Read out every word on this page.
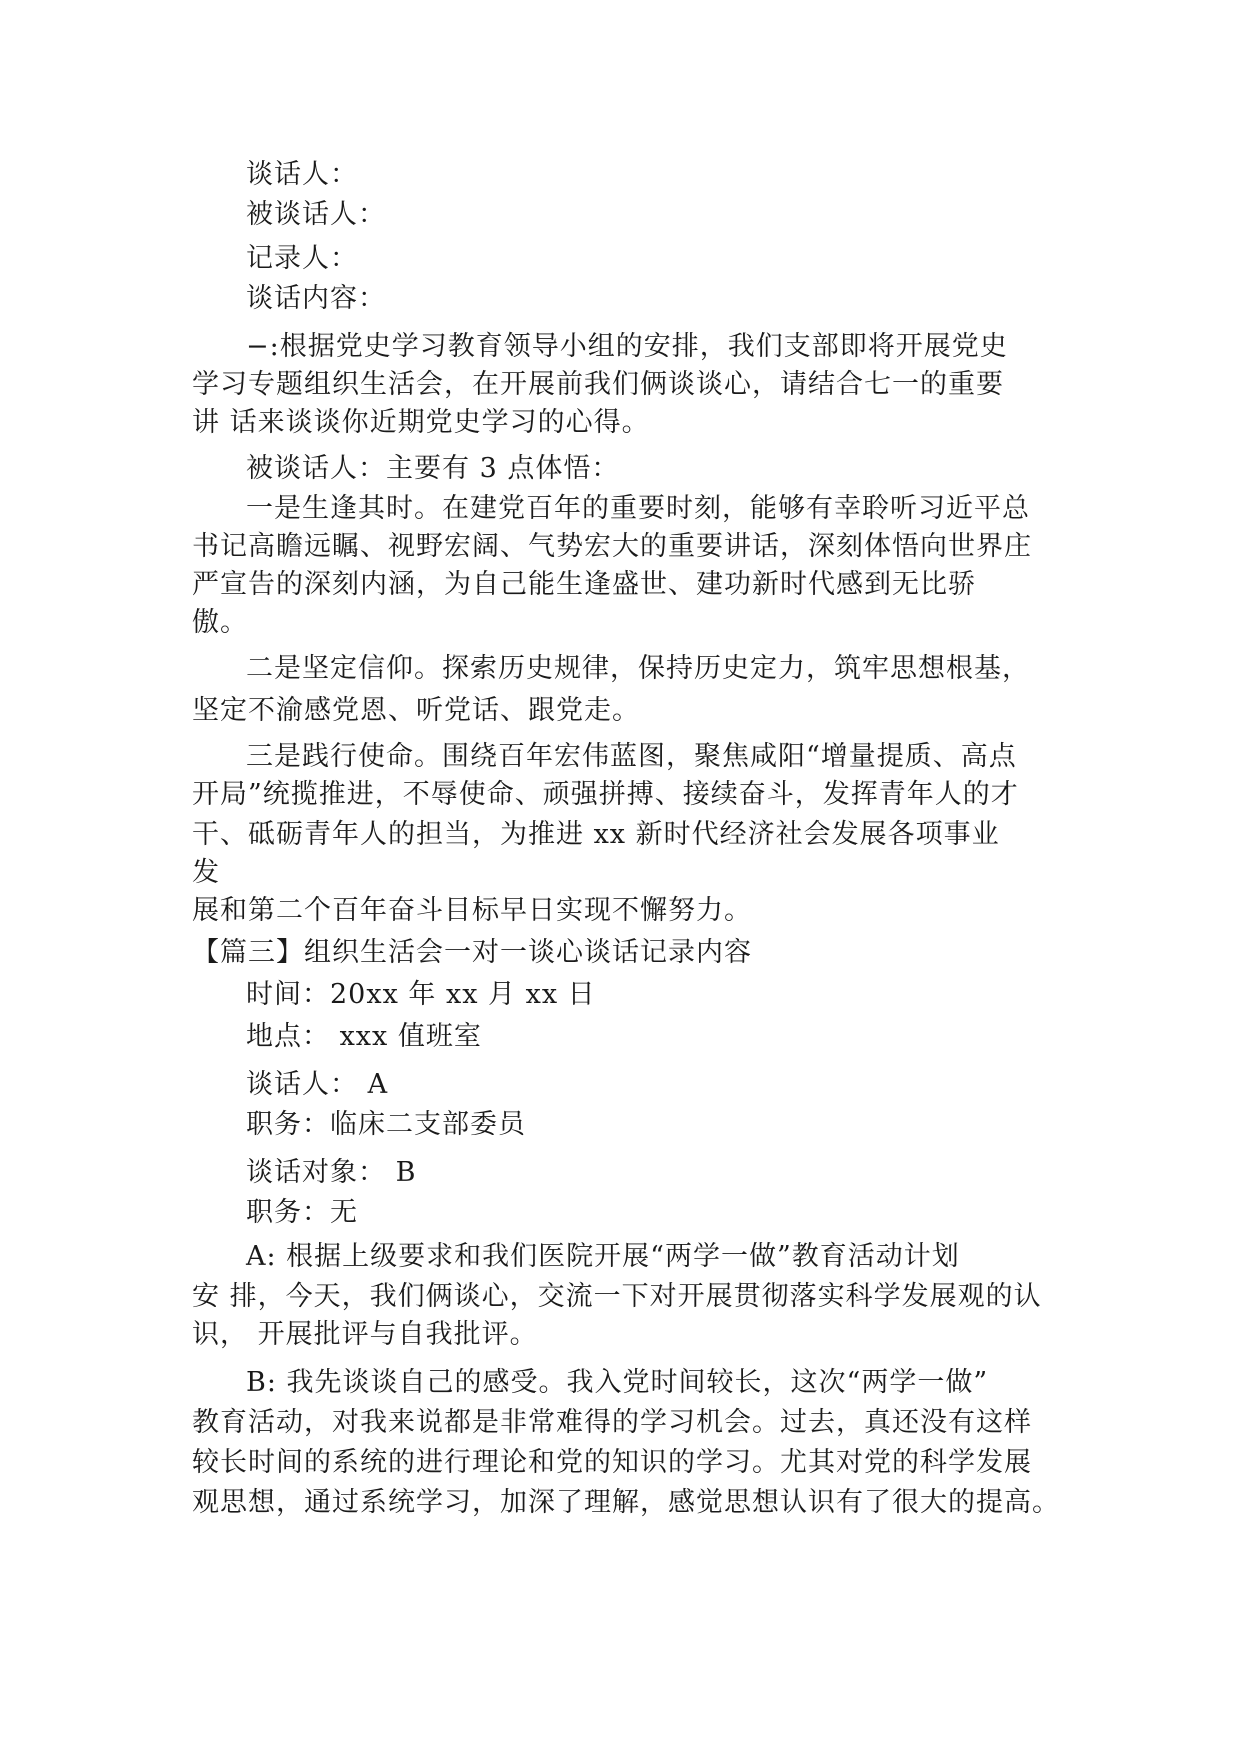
谈话人：
被谈话人：
记录人：
谈话内容：
−:根据党史学习教育领导小组的安排，我们支部即将开展党史
学习专题组织生活会，在开展前我们俩谈谈心，请结合七一的重要
讲 话来谈谈你近期党史学习的心得。
被谈话人：主要有 3 点体悟：
一是生逢其时。在建党百年的重要时刻，能够有幸聆听习近平总
书记高瞻远瞩、视野宏阔、气势宏大的重要讲话，深刻体悟向世界庄
严宣告的深刻内涵，为自己能生逢盛世、建功新时代感到无比骄
傲。
二是坚定信仰。探索历史规律，保持历史定力，筑牢思想根基，
坚定不渝感党恩、听党话、跟党走。
三是践行使命。围绕百年宏伟蓝图，聚焦咸阳“增量提质、高点
开局”统揽推进，不辱使命、顽强拼搏、接续奋斗，发挥青年人的才
干、砥砺青年人的担当，为推进 xx 新时代经济社会发展各项事业
发
展和第二个百年奋斗目标早日实现不懈努力。
【篇三】组织生活会一对一谈心谈话记录内容
时间：20xx 年 xx 月 xx 日
地点： xxx 值班室
谈话人： A
职务：临床二支部委员
谈话对象： B
职务：无
A: 根据上级要求和我们医院开展“两学一做”教育活动计划
安 排，今天，我们俩谈心，交流一下对开展贯彻落实科学发展观的认
识， 开展批评与自我批评。
B: 我先谈谈自己的感受。我入党时间较长，这次“两学一做”
教育活动，对我来说都是非常难得的学习机会。过去，真还没有这样
较长时间的系统的进行理论和党的知识的学习。尤其对党的科学发展
观思想，通过系统学习，加深了理解，感觉思想认识有了很大的提高。
